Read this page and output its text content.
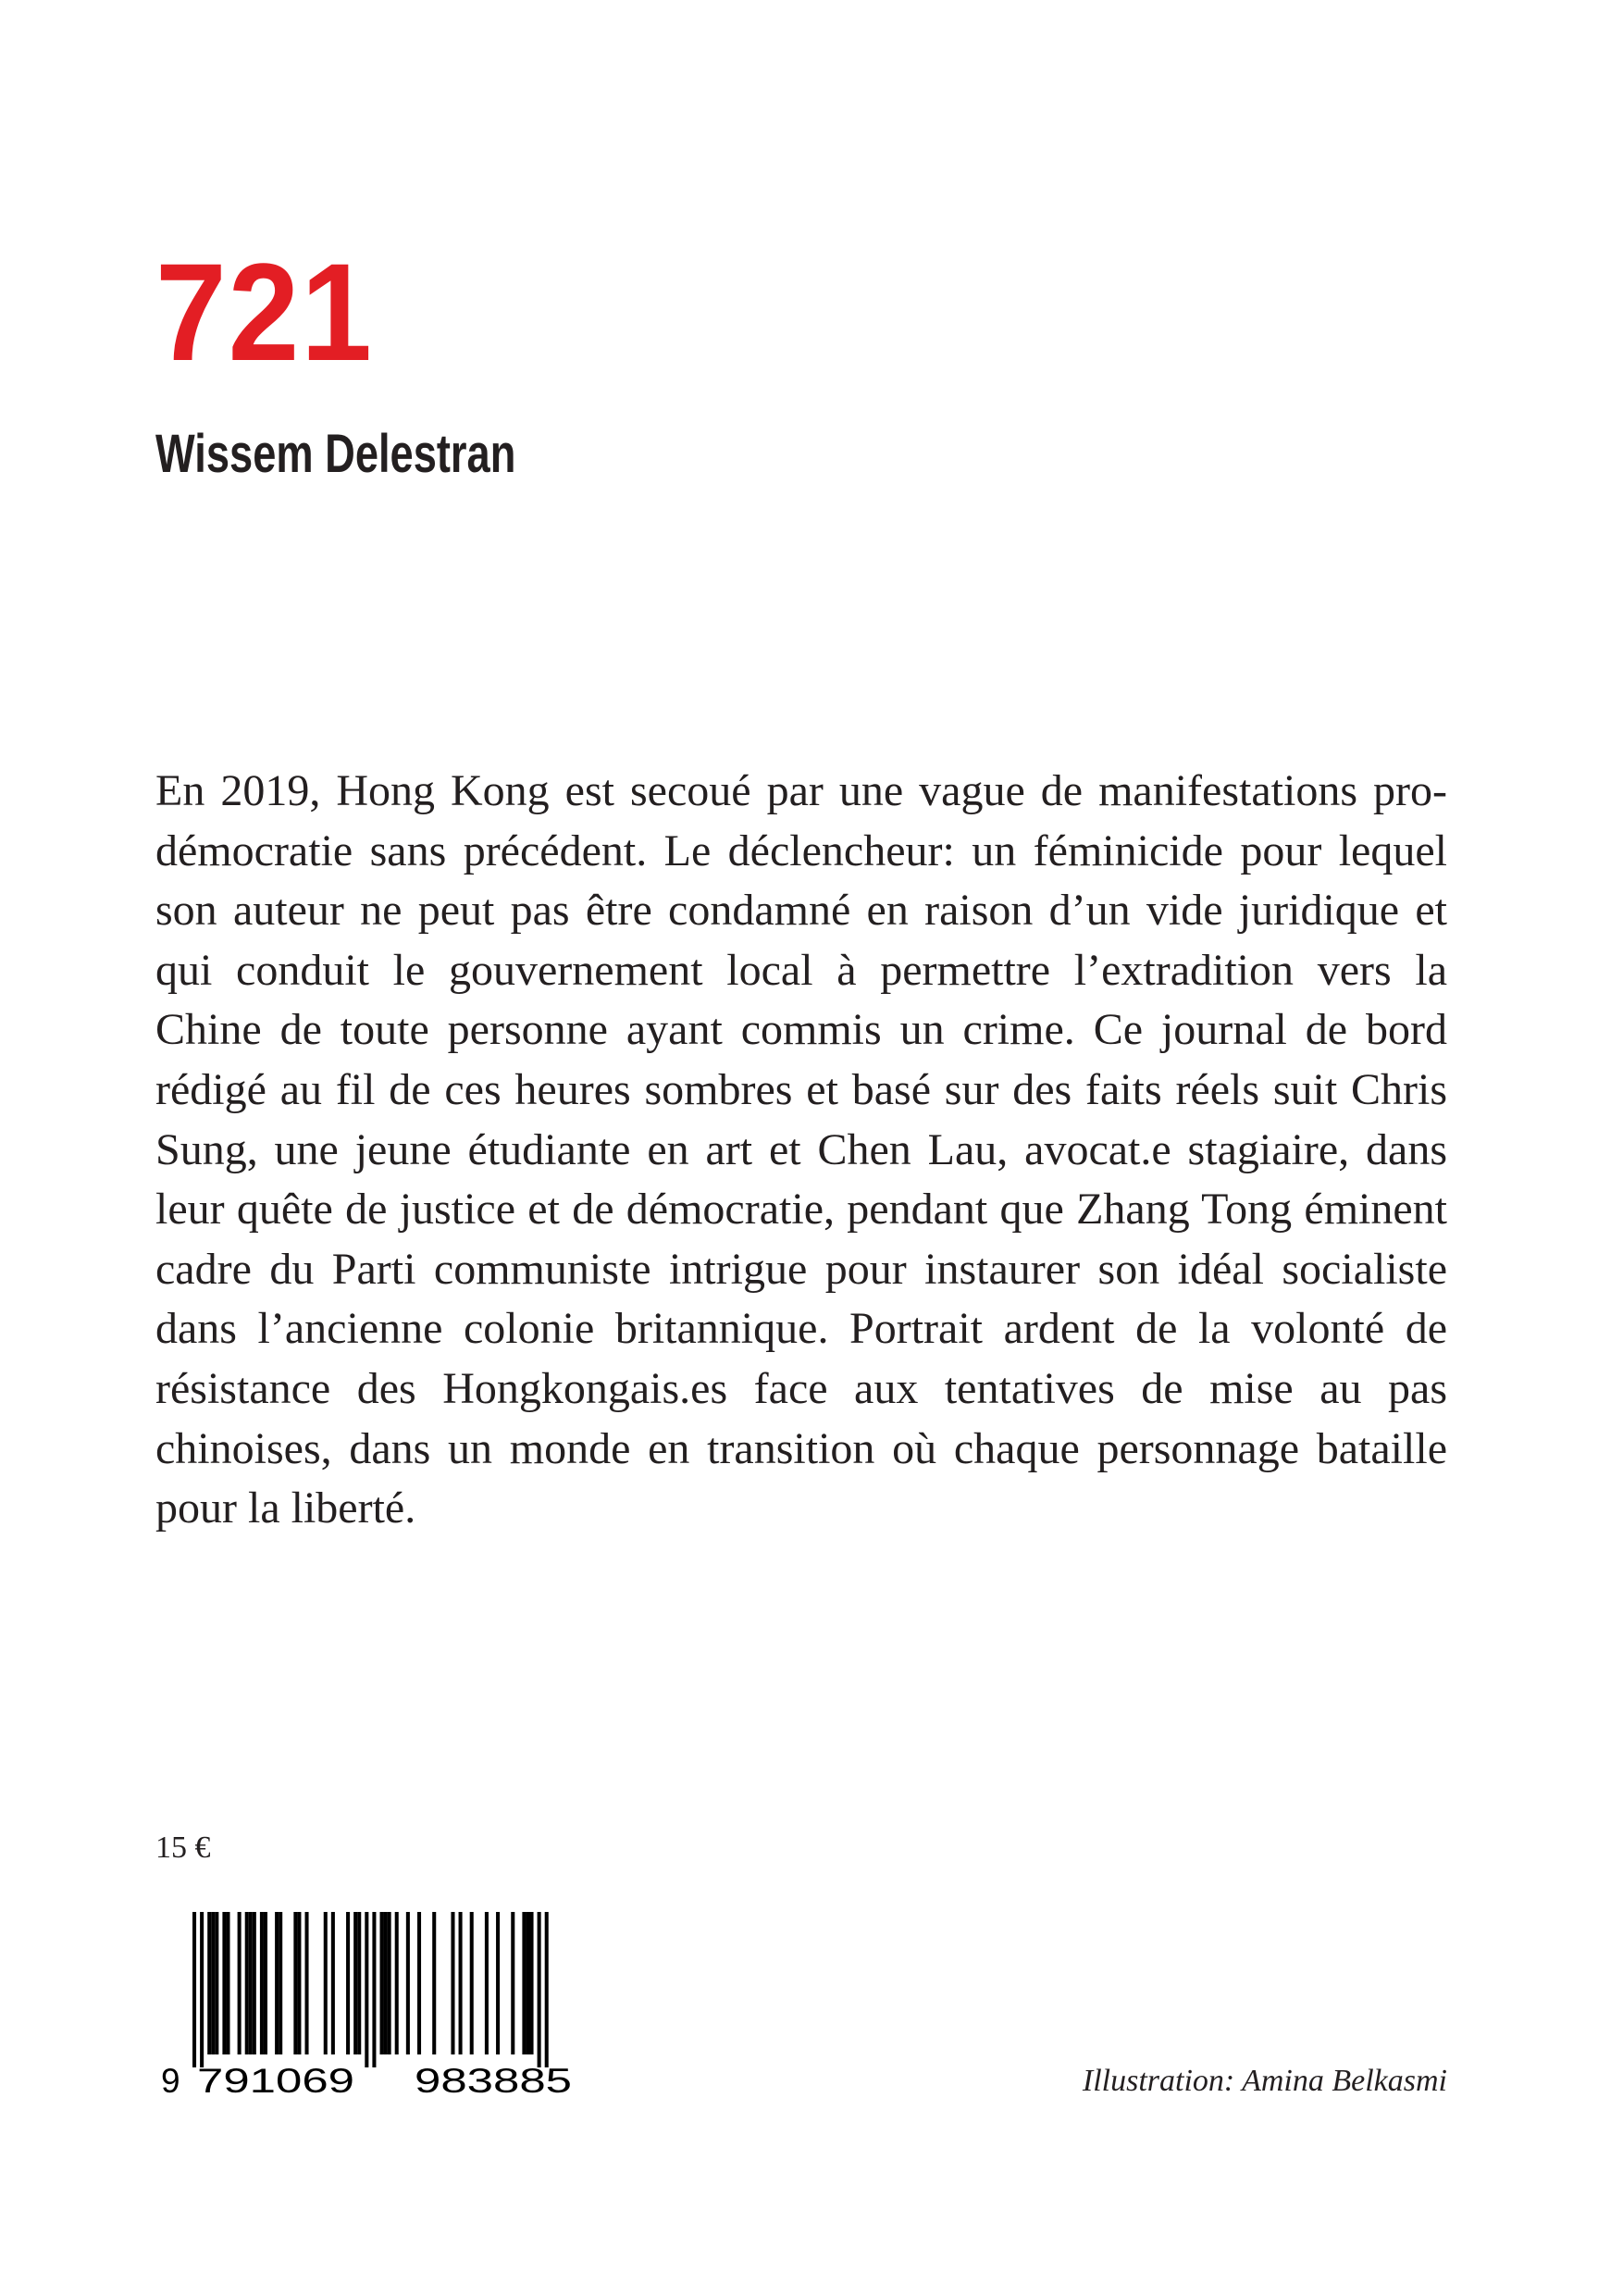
721
Wissem Delestran

En 2019, Hong Kong est secoué par une vague de manifestations pro-démocratie sans précédent. Le déclencheur: un féminicide pour lequel son auteur ne peut pas être condamné en raison d’un vide juridique et qui conduit le gouvernement local à permettre l’extradition vers la Chine de toute personne ayant commis un crime. Ce journal de bord rédigé au fil de ces heures sombres et basé sur des faits réels suit Chris Sung, une jeune étudiante en art et Chen Lau, avocat.e stagiaire, dans leur quête de justice et de démocratie, pendant que Zhang Tong éminent cadre du Parti communiste intrigue pour instaurer son idéal socialiste dans l’ancienne colonie britannique. Portrait ardent de la volonté de résistance des Hongkongais.es face aux tentatives de mise au pas chinoises, dans un monde en transition où chaque personnage bataille pour la liberté.

15 €
9 791069 983885	Illustration: Amina Belkasmi
